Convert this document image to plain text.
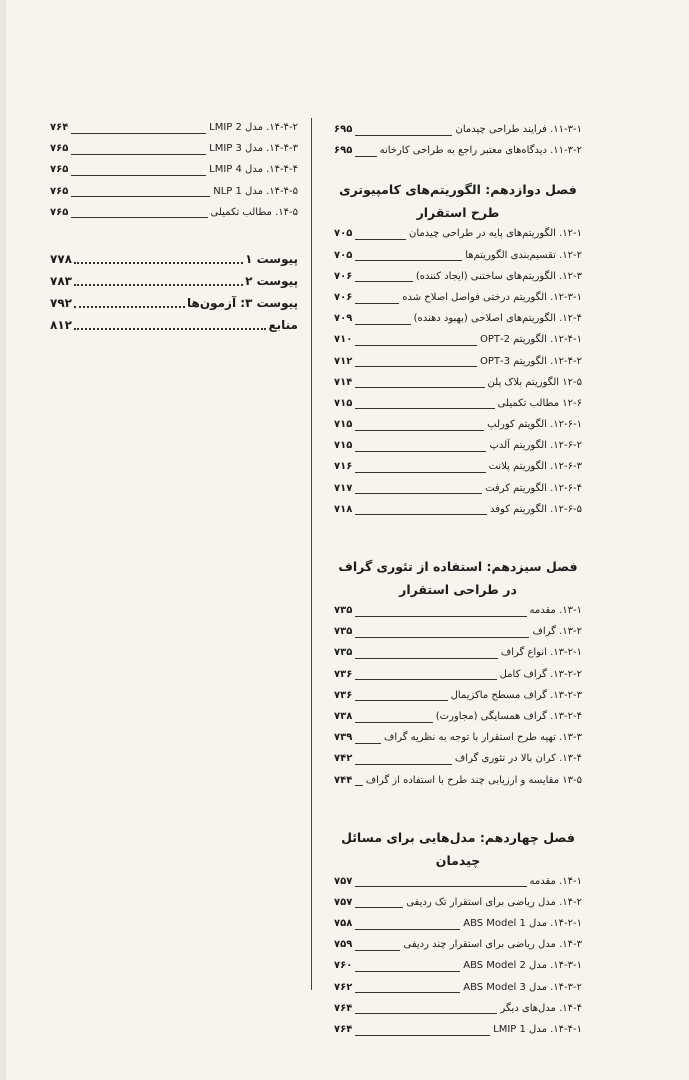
۱۱-۳-۱. فرایند طراحی چیدمان
۶۹۵
۱۱-۳-۲. دیدگاه‌های معتبر راجع به طراحی کارخانه
۶۹۵
فصل دوازدهم: الگوریتم‌های کامپیوتری طرح استقرار
۱۲-۱. الگوریتم‌های پایه در طراحی چیدمان
۷۰۵
۱۲-۲. تقسیم‌بندی الگوریتم‌ها
۷۰۵
۱۲-۳. الگوریتم‌های ساختنی (ایجاد کننده)
۷۰۶
۱۲-۳-۱. الگوریتم درختی فواصل اصلاح شده
۷۰۶
۱۲-۴. الگوریتم‌های اصلاحی (بهبود دهنده)
۷۰۹
۱۲-۴-۱. الگوریتم 2-OPT
۷۱۰
۱۲-۴-۲. الگوریتم 3-OPT
۷۱۲
۱۲-۵ الگوریتم بلاک پلن
۷۱۴
۱۲-۶ مطالب تکمیلی
۷۱۵
۱۲-۶-۱. الگویتم کورلپ
۷۱۵
۱۲-۶-۲. الگوریتم آلدپ
۷۱۵
۱۲-۶-۳. الگوریتم پلانت
۷۱۶
۱۲-۶-۴. الگوریتم کرفت
۷۱۷
۱۲-۶-۵. الگوریتم کوفد
۷۱۸
فصل سیزدهم: استفاده از تئوری گراف در طراحی استقرار
۱۳-۱. مقدمه
۷۳۵
۱۳-۲. گراف
۷۳۵
۱۳-۲-۱. انواع گراف
۷۳۵
۱۳-۲-۲. گراف کامل
۷۳۶
۱۳-۲-۳. گراف مسطح ماکزیمال
۷۳۶
۱۳-۲-۴. گراف همسایگی (مجاورت)
۷۳۸
۱۳-۳. تهیه طرح استقرار با توجه به نظریه گراف
۷۳۹
۱۳-۴. کران بالا در تئوری گراف
۷۴۲
۱۳-۵ مقایسه و ارزیابی چند طرح با استفاده از گراف
۷۴۴
فصل چهاردهم: مدل‌هایی برای مسائل چیدمان
۱۴-۱. مقدمه
۷۵۷
۱۴-۲. مدل ریاضی برای استقرار تک ردیفی
۷۵۷
۱۴-۲-۱. مدل ABS Model 1
۷۵۸
۱۴-۳. مدل ریاضی برای استقرار چند ردیفی
۷۵۹
۱۴-۳-۱. مدل ABS Model 2
۷۶۰
۱۴-۳-۲. مدل ABS Model 3
۷۶۲
۱۴-۴. مدل‌های دیگر
۷۶۴
۱۴-۴-۱. مدل LMIP 1
۷۶۴
۱۴-۴-۲. مدل LMIP 2
۷۶۴
۱۴-۴-۳. مدل LMIP 3
۷۶۵
۱۴-۴-۴. مدل LMIP 4
۷۶۵
۱۴-۴-۵. مدل NLP 1
۷۶۵
۱۴-۵. مطالب تکمیلی
۷۶۵
پیوست ۱
۷۷۸
پیوست ۲
۷۸۳
پیوست ۳: آزمون‌ها
۷۹۲
منابع
۸۱۲
